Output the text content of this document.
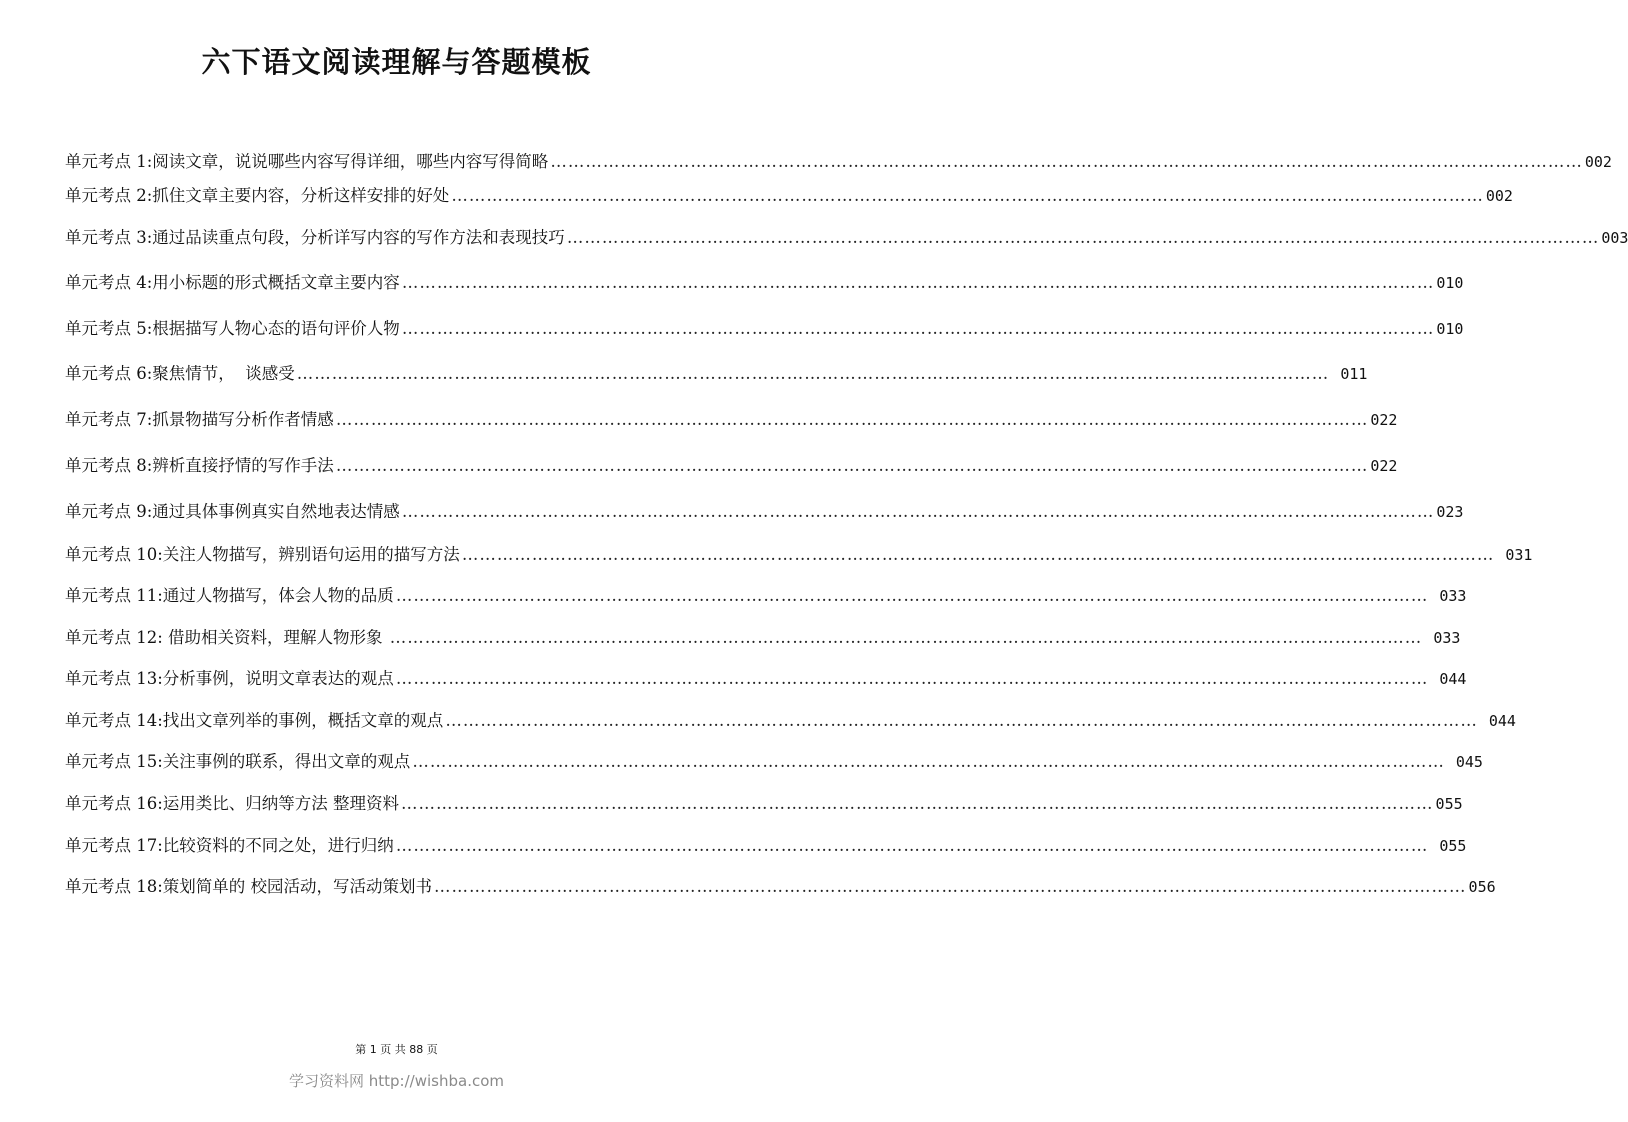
六下语文阅读理解与答题模板
单元考点 1:阅读文章，说说哪些内容写得详细，哪些内容写得简略 …………………………………………………………………………………………………………………………………………………………… 002
单元考点 2:抓住文章主要内容，分析这样安排的好处 …………………………………………………………………………………………………………………………………………………………… 002
单元考点 3:通过品读重点句段，分析详写内容的写作方法和表现技巧 …………………………………………………………………………………………………………………………………………………………… 003
单元考点 4:用小标题的形式概括文章主要内容 …………………………………………………………………………………………………………………………………………………………… 010
单元考点 5:根据描写人物心态的语句评价人物 …………………………………………………………………………………………………………………………………………………………… 010
单元考点 6:聚焦情节，  谈感受 …………………………………………………………………………………………………………………………………………………………… 011
单元考点 7:抓景物描写分析作者情感 …………………………………………………………………………………………………………………………………………………………… 022
单元考点 8:辨析直接抒情的写作手法 …………………………………………………………………………………………………………………………………………………………… 022
单元考点 9:通过具体事例真实自然地表达情感 …………………………………………………………………………………………………………………………………………………………… 023
单元考点 10:关注人物描写，辨别语句运用的描写方法 …………………………………………………………………………………………………………………………………………………………… 031
单元考点 11:通过人物描写，体会人物的品质 …………………………………………………………………………………………………………………………………………………………… 033
单元考点 12: 借助相关资料，理解人物形象 …………………………………………………………………………………………………………………………………………………………… 033
单元考点 13:分析事例，说明文章表达的观点 …………………………………………………………………………………………………………………………………………………………… 044
单元考点 14:找出文章列举的事例，概括文章的观点 …………………………………………………………………………………………………………………………………………………………… 044
单元考点 15:关注事例的联系，得出文章的观点 …………………………………………………………………………………………………………………………………………………………… 045
单元考点 16:运用类比、归纳等方法 整理资料 …………………………………………………………………………………………………………………………………………………………… 055
单元考点 17:比较资料的不同之处，进行归纳 …………………………………………………………………………………………………………………………………………………………… 055
单元考点 18:策划简单的 校园活动，写活动策划书 …………………………………………………………………………………………………………………………………………………………… 056
第 1 页 共 88 页
学习资料网 http://wishba.com
